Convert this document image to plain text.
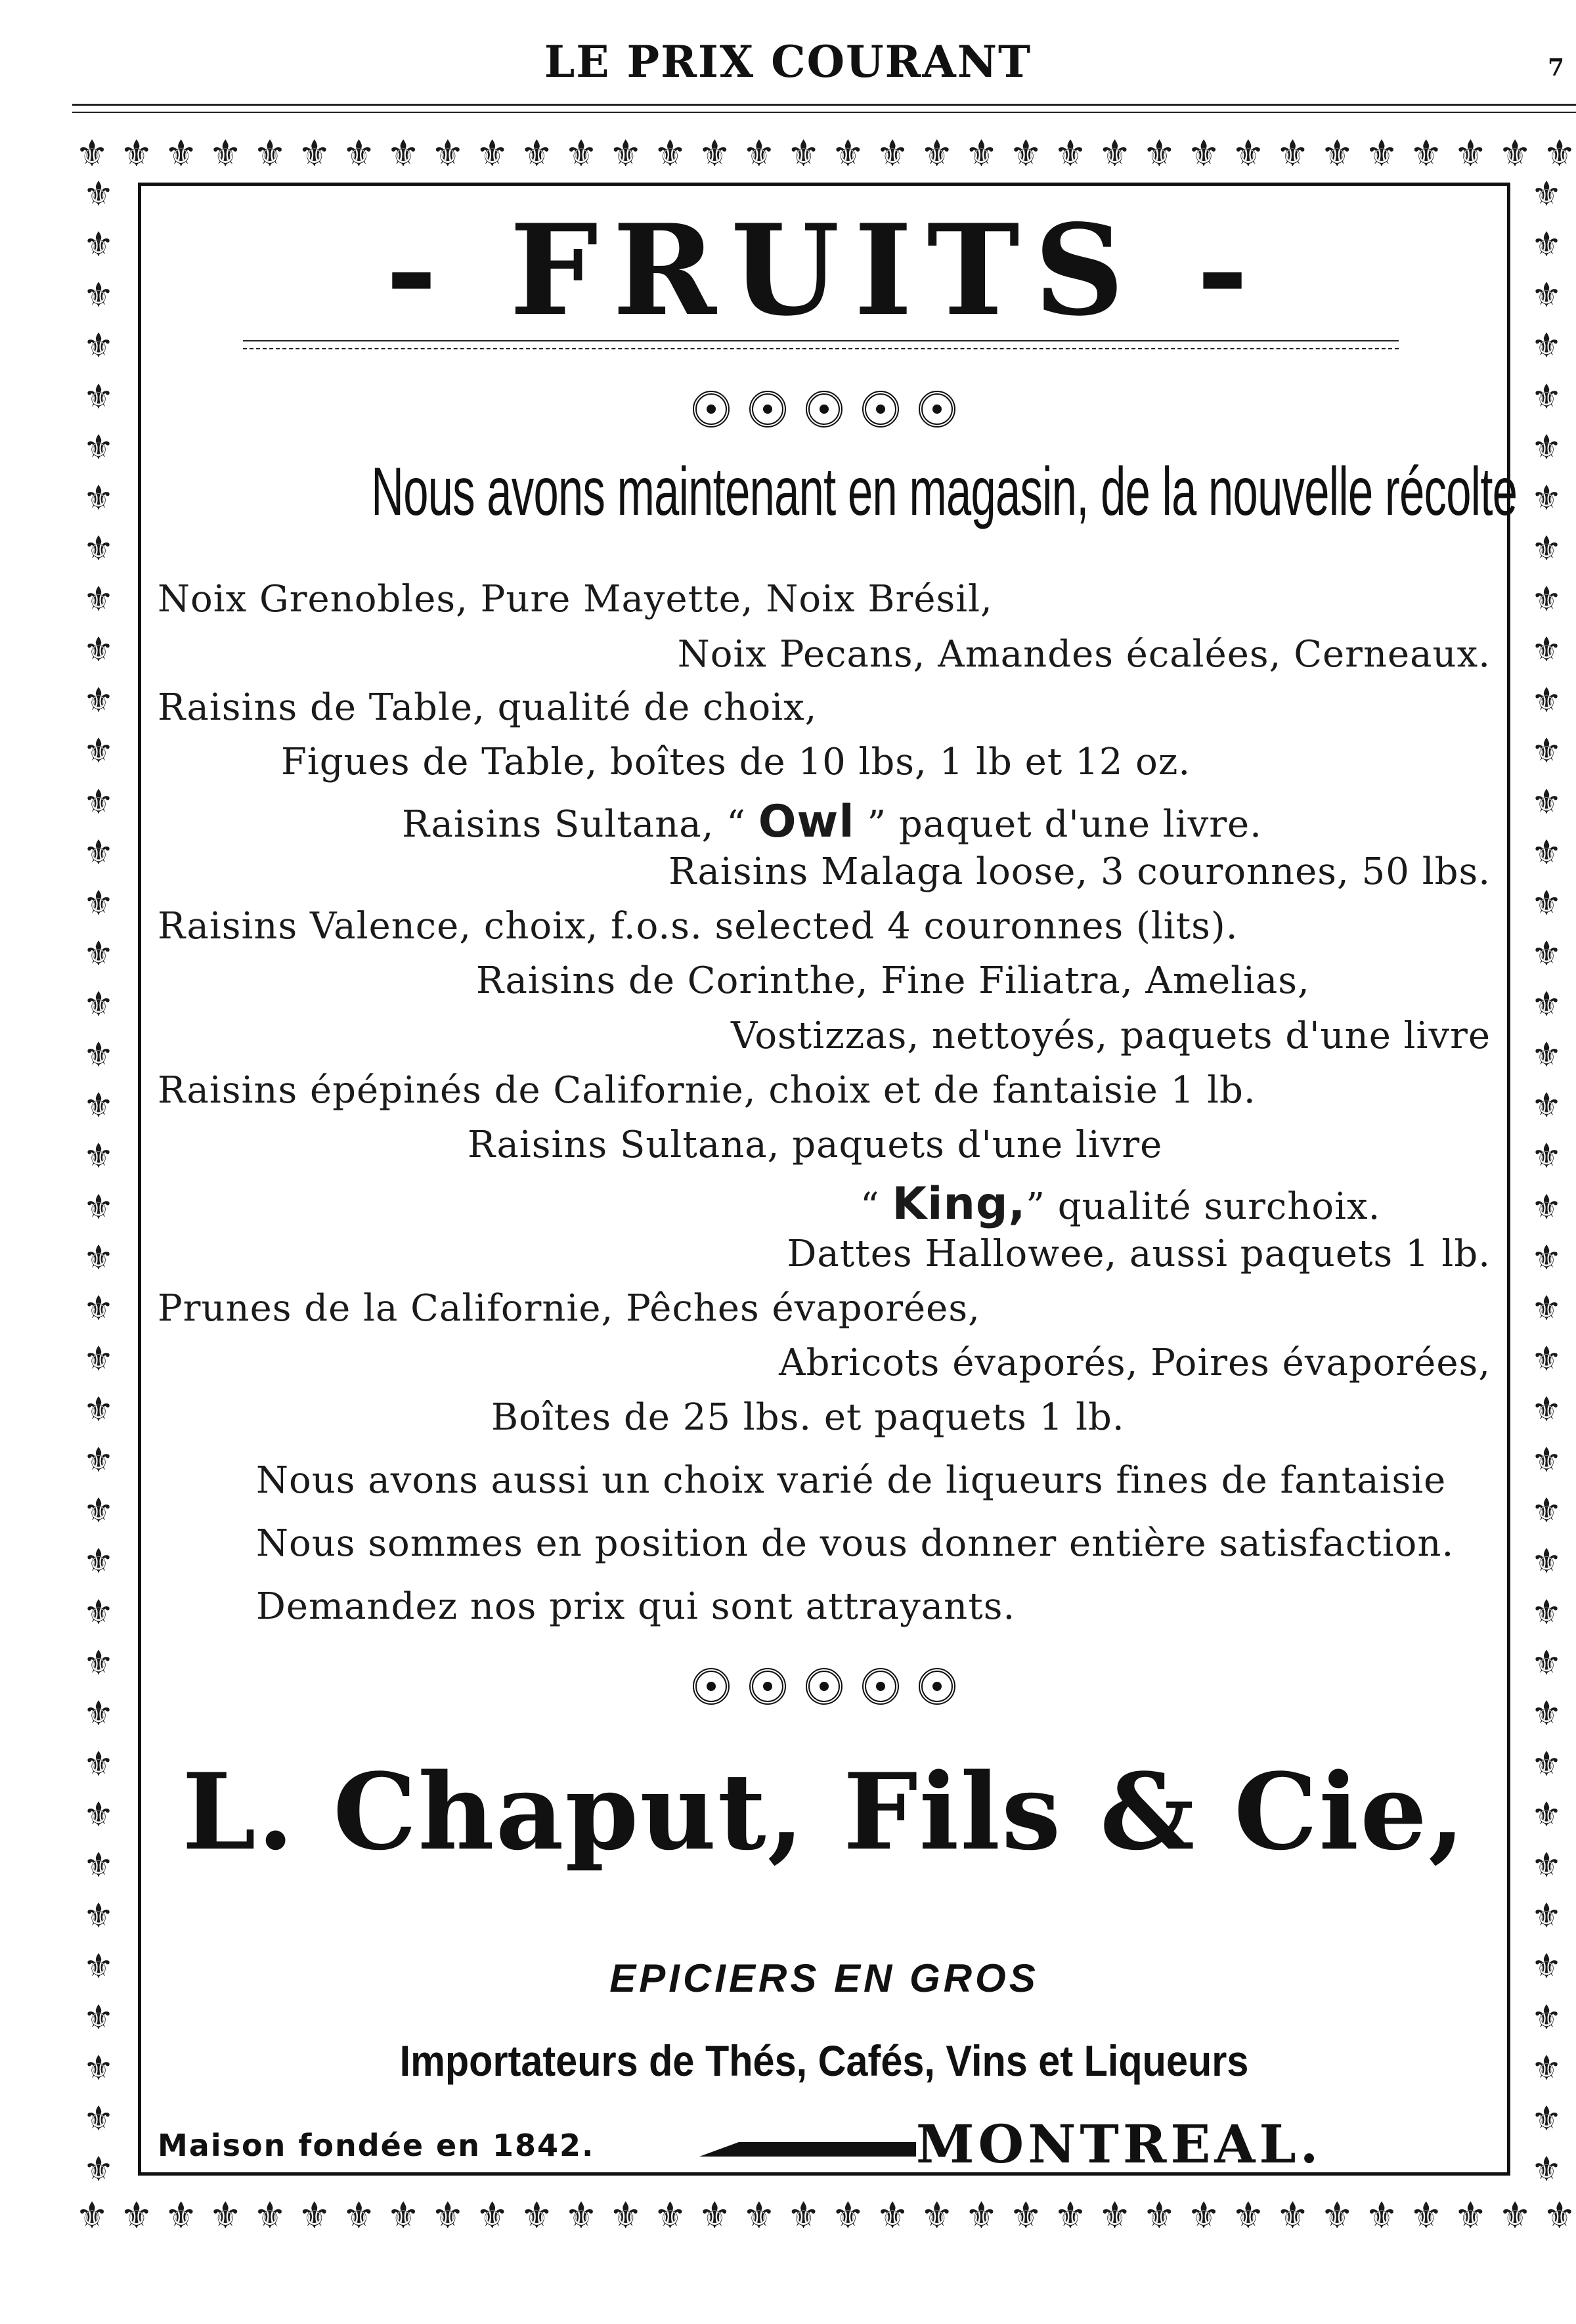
LE PRIX COURANT	7
⚜ ⚜ ⚜ ⚜ ⚜ ⚜ ⚜ ⚜ ⚜ ⚜ ⚜ ⚜ ⚜ ⚜ ⚜ ⚜ ⚜ ⚜ ⚜ ⚜ ⚜ ⚜ ⚜ ⚜ ⚜ ⚜ ⚜ ⚜ ⚜ ⚜ ⚜ ⚜ ⚜ ⚜
⚜ ⚜ ⚜ ⚜ ⚜ ⚜ ⚜ ⚜ ⚜ ⚜ ⚜ ⚜ ⚜ ⚜ ⚜ ⚜ ⚜ ⚜ ⚜ ⚜ ⚜ ⚜ ⚜ ⚜ ⚜ ⚜ ⚜ ⚜ ⚜ ⚜ ⚜ ⚜ ⚜ ⚜
⚜
⚜
⚜
⚜
⚜
⚜
⚜
⚜
⚜
⚜
⚜
⚜
⚜
⚜
⚜
⚜
⚜
⚜
⚜
⚜
⚜
⚜
⚜
⚜
⚜
⚜
⚜
⚜
⚜
⚜
⚜
⚜
⚜
⚜
⚜
⚜
⚜
⚜
⚜
⚜
⚜
⚜
⚜
⚜
⚜
⚜
⚜
⚜
⚜
⚜
⚜
⚜
⚜
⚜
⚜
⚜
⚜
⚜
⚜
⚜
⚜
⚜
⚜
⚜
⚜
⚜
⚜
⚜
⚜
⚜
⚜
⚜
⚜
⚜
⚜
⚜
⚜
⚜
⚜
⚜
- FRUITS -
Nous avons maintenant en magasin, de la nouvelle récolte
Noix Grenobles, Pure Mayette, Noix Brésil,
Noix Pecans, Amandes écalées, Cerneaux.
Raisins de Table, qualité de choix,
Figues de Table, boîtes de 10 lbs, 1 lb et 12 oz.
Raisins Sultana, “ Owl ” paquet d'une livre.
Raisins Malaga loose, 3 couronnes, 50 lbs.
Raisins Valence, choix, f.o.s. selected 4 couronnes (lits).
Raisins de Corinthe, Fine Filiatra, Amelias,
Vostizzas, nettoyés, paquets d'une livre
Raisins épépinés de Californie, choix et de fantaisie 1 lb.
Raisins Sultana, paquets d'une livre
“ King,” qualité surchoix.
Dattes Hallowee, aussi paquets 1 lb.
Prunes de la Californie, Pêches évaporées,
Abricots évaporés, Poires évaporées,
Boîtes de 25 lbs. et paquets 1 lb.
Nous avons aussi un choix varié de liqueurs fines de fantaisie
Nous sommes en position de vous donner entière satisfaction.
Demandez nos prix qui sont attrayants.
L. Chaput, Fils & Cie,
EPICIERS EN GROS
Importateurs de Thés, Cafés, Vins et Liqueurs
Maison fondée en 1842.	MONTREAL.
